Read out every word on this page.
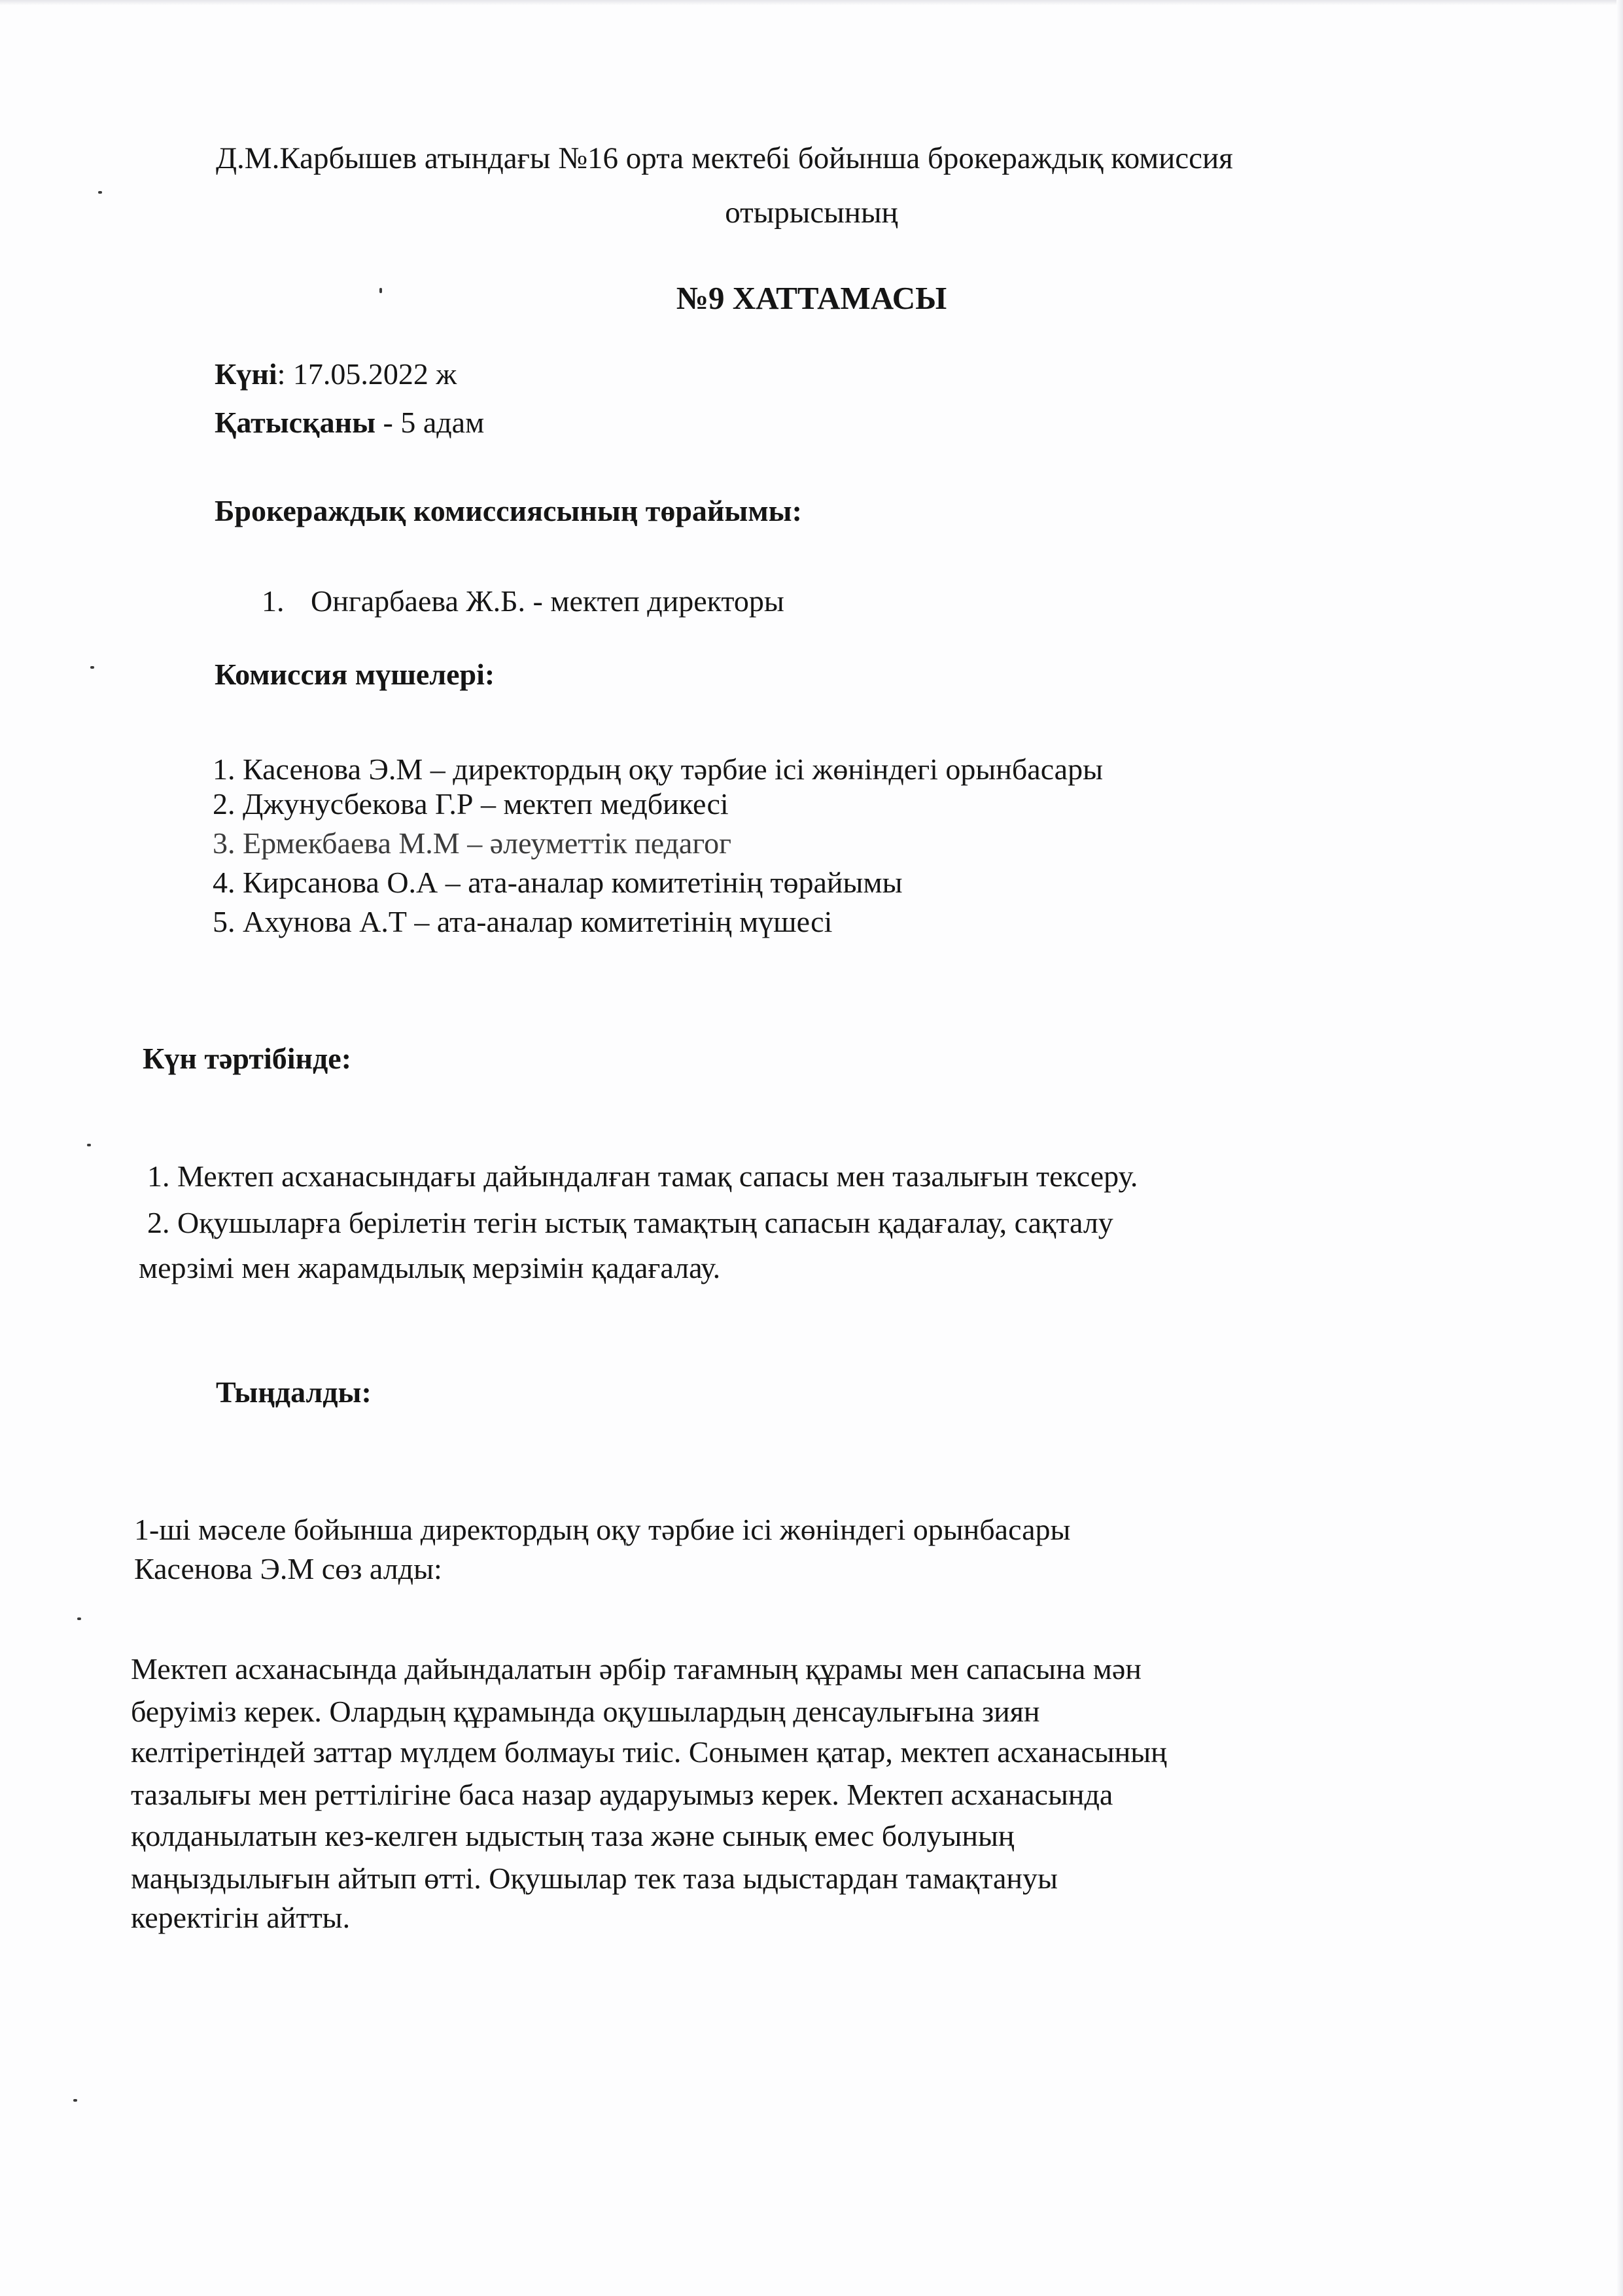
Д.М.Карбышев атындағы №16 орта мектебі бойынша брокераждық комиссия
отырысының
№9 ХАТТАМАСЫ
Күні: 17.05.2022 ж
Қатысқаны - 5 адам
Брокераждық комиссиясының төрайымы:
1. Онгарбаева Ж.Б. - мектеп директоры
Комиссия мүшелері:
1. Касенова Э.М – директордың оқу тәрбие ісі жөніндегі орынбасары
2. Джунусбекова Г.Р – мектеп медбикесі
3. Ермекбаева М.М – әлеуметтік педагог
4. Кирсанова О.А – ата-аналар комитетінің төрайымы
5. Ахунова А.Т – ата-аналар комитетінің мүшесі
Күн тәртібінде:
1. Мектеп асханасындағы дайындалған тамақ сапасы мен тазалығын тексеру.
2. Оқушыларға берілетін тегін ыстық тамақтың сапасын қадағалау, сақталу
мерзімі мен жарамдылық мерзімін қадағалау.
Тыңдалды:
1-ші мәселе бойынша директордың оқу тәрбие ісі жөніндегі орынбасары
Касенова Э.М сөз алды:
Мектеп асханасында дайындалатын әрбір тағамның құрамы мен сапасына мән
беруіміз керек. Олардың құрамында оқушылардың денсаулығына зиян
келтіретіндей заттар мүлдем болмауы тиіс. Сонымен қатар, мектеп асханасының
тазалығы мен реттілігіне баса назар аударуымыз керек. Мектеп асханасында
қолданылатын кез-келген ыдыстың таза және сынық емес болуының
маңыздылығын айтып өтті. Оқушылар тек таза ыдыстардан тамақтануы
керектігін айтты.
